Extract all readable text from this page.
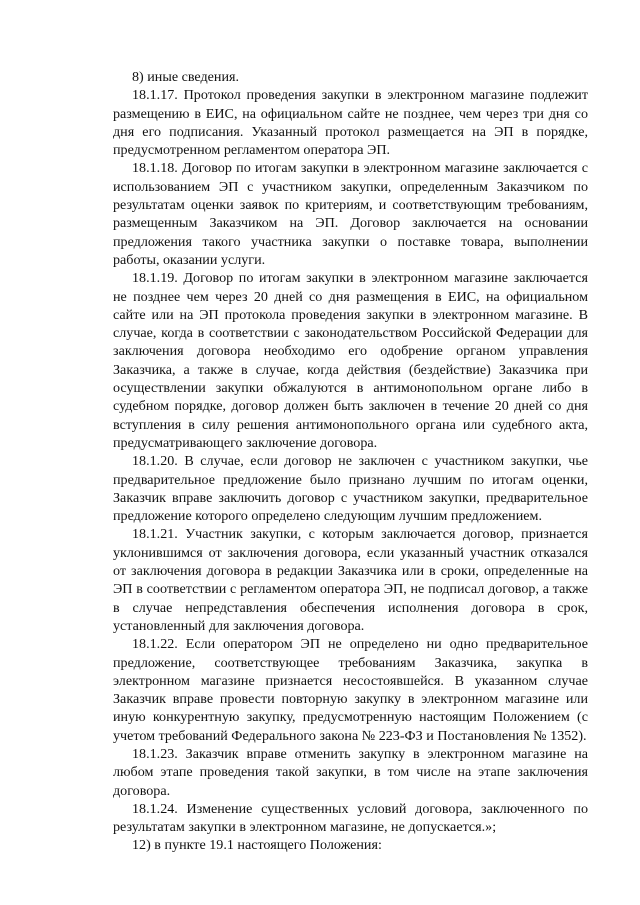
8) иные сведения.

18.1.17. Протокол проведения закупки в электронном магазине подлежит размещению в ЕИС, на официальном сайте не позднее, чем через три дня со дня его подписания. Указанный протокол размещается на ЭП в порядке, предусмотренном регламентом оператора ЭП.

18.1.18. Договор по итогам закупки в электронном магазине заключается с использованием ЭП с участником закупки, определенным Заказчиком по результатам оценки заявок по критериям, и соответствующим требованиям, размещенным Заказчиком на ЭП. Договор заключается на основании предложения такого участника закупки о поставке товара, выполнении работы, оказании услуги.

18.1.19. Договор по итогам закупки в электронном магазине заключается не позднее чем через 20 дней со дня размещения в ЕИС, на официальном сайте или на ЭП протокола проведения закупки в электронном магазине. В случае, когда в соответствии с законодательством Российской Федерации для заключения договора необходимо его одобрение органом управления Заказчика, а также в случае, когда действия (бездействие) Заказчика при осуществлении закупки обжалуются в антимонопольном органе либо в судебном порядке, договор должен быть заключен в течение 20 дней со дня вступления в силу решения антимонопольного органа или судебного акта, предусматривающего заключение договора.

18.1.20. В случае, если договор не заключен с участником закупки, чье предварительное предложение было признано лучшим по итогам оценки, Заказчик вправе заключить договор с участником закупки, предварительное предложение которого определено следующим лучшим предложением.

18.1.21. Участник закупки, с которым заключается договор, признается уклонившимся от заключения договора, если указанный участник отказался от заключения договора в редакции Заказчика или в сроки, определенные на ЭП в соответствии с регламентом оператора ЭП, не подписал договор, а также в случае непредставления обеспечения исполнения договора в срок, установленный для заключения договора.

18.1.22. Если оператором ЭП не определено ни одно предварительное предложение, соответствующее требованиям Заказчика, закупка в электронном магазине признается несостоявшейся. В указанном случае Заказчик вправе провести повторную закупку в электронном магазине или иную конкурентную закупку, предусмотренную настоящим Положением (с учетом требований Федерального закона № 223-ФЗ и Постановления № 1352).

18.1.23. Заказчик вправе отменить закупку в электронном магазине на любом этапе проведения такой закупки, в том числе на этапе заключения договора.

18.1.24. Изменение существенных условий договора, заключенного по результатам закупки в электронном магазине, не допускается.»;

12) в пункте 19.1 настоящего Положения:
